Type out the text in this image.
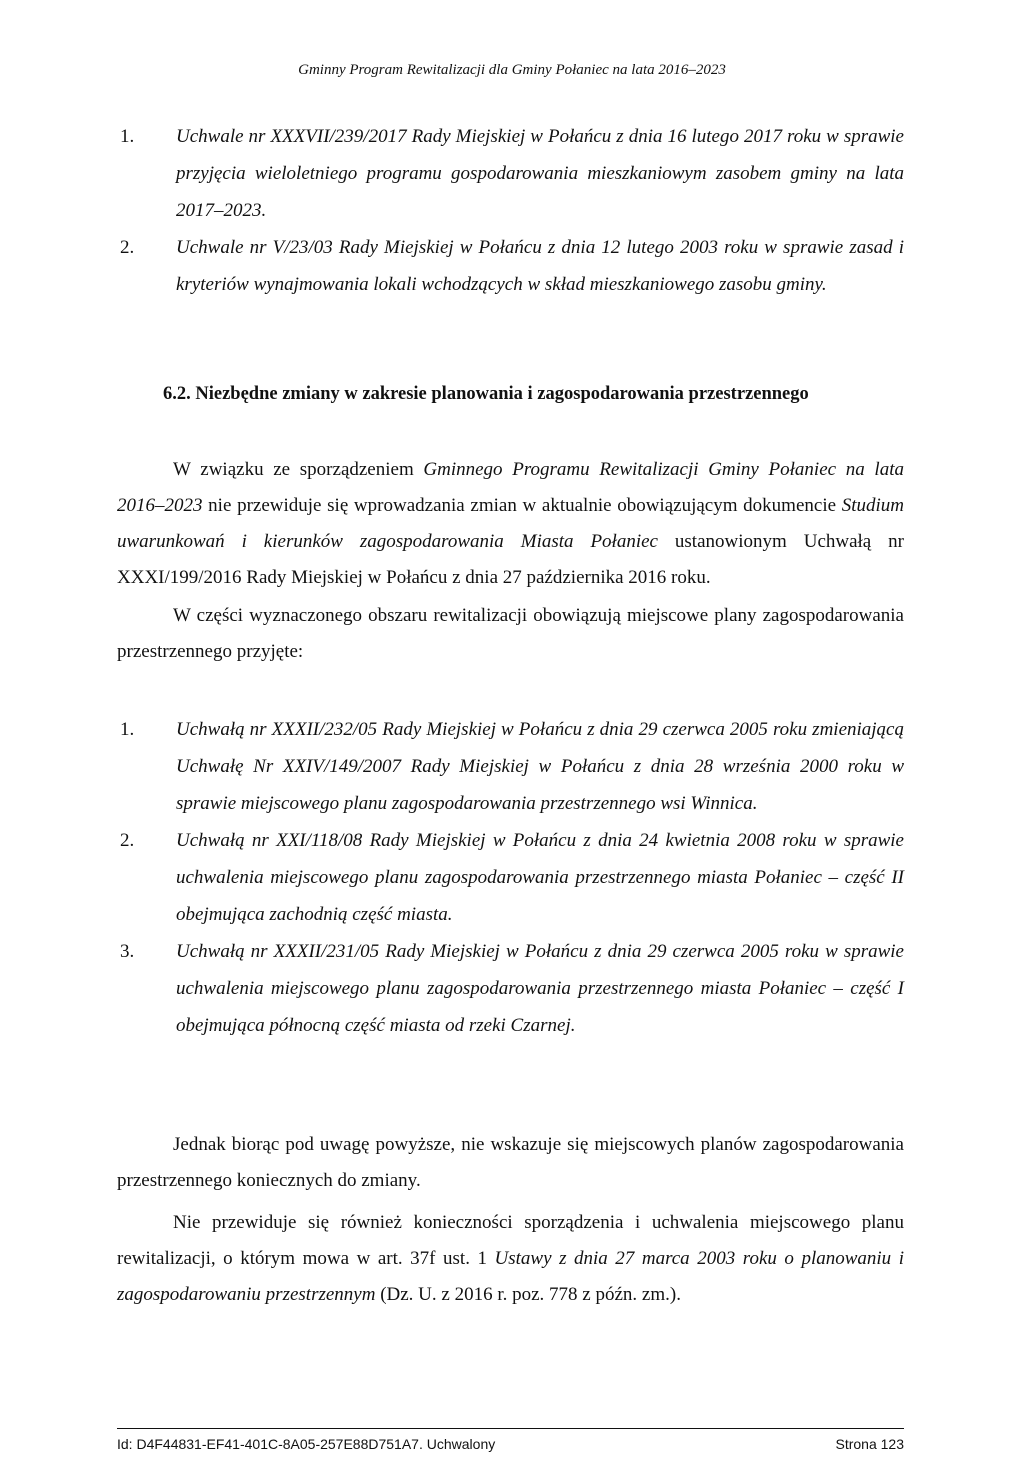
Gminny Program Rewitalizacji dla Gminy Połaniec na lata 2016–2023
1.	Uchwale nr XXXVII/239/2017 Rady Miejskiej w Połańcu z dnia 16 lutego 2017 roku w sprawie przyjęcia wieloletniego programu gospodarowania mieszkaniowym zasobem gminy na lata 2017–2023.
2.	Uchwale nr V/23/03 Rady Miejskiej w Połańcu z dnia 12 lutego 2003 roku w sprawie zasad i kryteriów wynajmowania lokali wchodzących w skład mieszkaniowego zasobu gminy.
6.2. Niezbędne zmiany w zakresie planowania i zagospodarowania przestrzennego

W związku ze sporządzeniem Gminnego Programu Rewitalizacji Gminy Połaniec na lata 2016–2023 nie przewiduje się wprowadzania zmian w aktualnie obowiązującym dokumencie Studium uwarunkowań i kierunków zagospodarowania Miasta Połaniec ustanowionym Uchwałą nr XXXI/199/2016 Rady Miejskiej w Połańcu z dnia 27 października 2016 roku.

W części wyznaczonego obszaru rewitalizacji obowiązują miejscowe plany zagospodarowania przestrzennego przyjęte:

1.	Uchwałą nr XXXII/232/05 Rady Miejskiej w Połańcu z dnia 29 czerwca 2005 roku zmieniającą Uchwałę Nr XXIV/149/2007 Rady Miejskiej w Połańcu z dnia 28 września 2000 roku w sprawie miejscowego planu zagospodarowania przestrzennego wsi Winnica.
2.	Uchwałą nr XXI/118/08 Rady Miejskiej w Połańcu z dnia 24 kwietnia 2008 roku w sprawie uchwalenia miejscowego planu zagospodarowania przestrzennego miasta Połaniec – część II obejmująca zachodnią część miasta.
3.	Uchwałą nr XXXII/231/05 Rady Miejskiej w Połańcu z dnia 29 czerwca 2005 roku w sprawie uchwalenia miejscowego planu zagospodarowania przestrzennego miasta Połaniec – część I obejmująca północną część miasta od rzeki Czarnej.

Jednak biorąc pod uwagę powyższe, nie wskazuje się miejscowych planów zagospodarowania przestrzennego koniecznych do zmiany.

Nie przewiduje się również konieczności sporządzenia i uchwalenia miejscowego planu rewitalizacji, o którym mowa w art. 37f ust. 1 Ustawy z dnia 27 marca 2003 roku o planowaniu i zagospodarowaniu przestrzennym (Dz. U. z 2016 r. poz. 778 z późn. zm.).

Id: D4F44831-EF41-401C-8A05-257E88D751A7. Uchwalony	Strona 123
